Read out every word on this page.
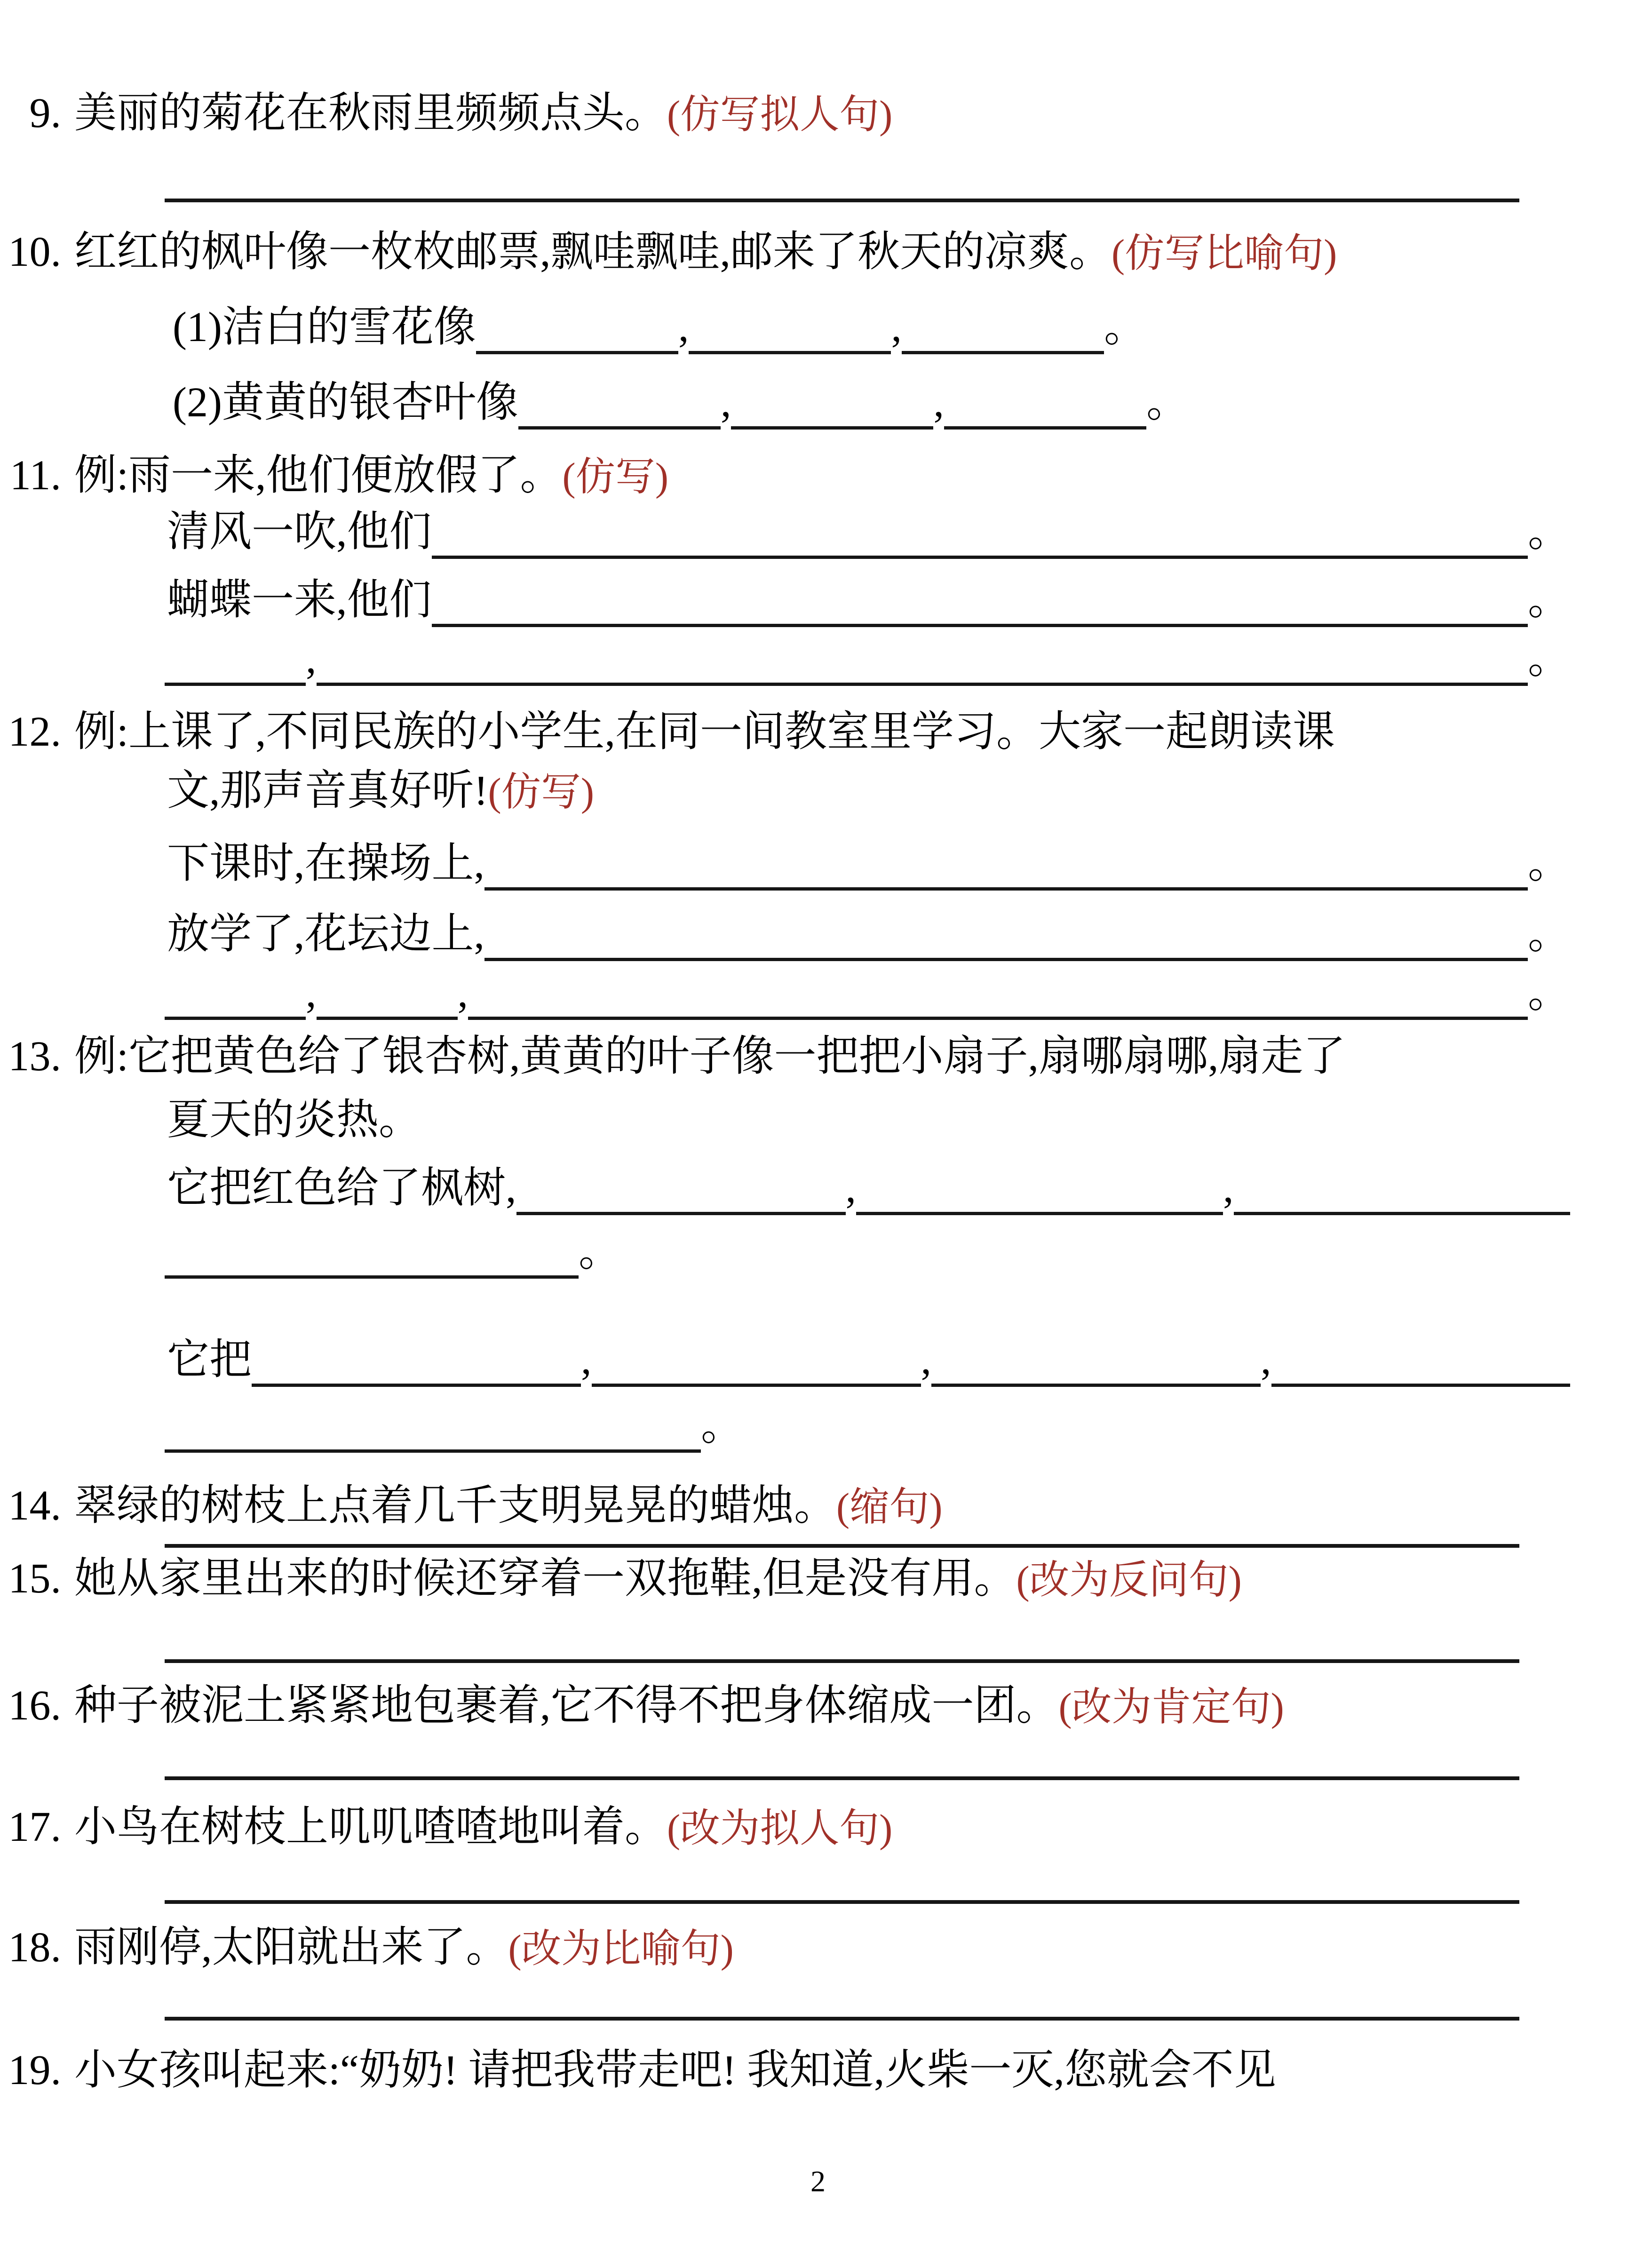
9. 美丽的菊花在秋雨里频频点头。 (仿写拟人句)
10. 红红的枫叶像一枚枚邮票,飘哇飘哇,邮来了秋天的凉爽。 (仿写比喻句)
(1)洁白的雪花像	,	,	。
(2)黄黄的银杏叶像	,	,	。
11. 例:雨一来,他们便放假了。 (仿写)
清风一吹,他们	。
蝴蝶一来,他们	。
,	。
12. 例:上课了,不同民族的小学生,在同一间教室里学习。大家一起朗读课
文,那声音真好听! (仿写)
下课时,在操场上,	。
放学了,花坛边上,	。
,	,	。
13. 例:它把黄色给了银杏树,黄黄的叶子像一把把小扇子,扇哪扇哪,扇走了
夏天的炎热。
它把红色给了枫树,	,	,
。
它把	,	,	,
。
14. 翠绿的树枝上点着几千支明晃晃的蜡烛。 (缩句)
15. 她从家里出来的时候还穿着一双拖鞋,但是没有用。 (改为反问句)
16. 种子被泥土紧紧地包裹着,它不得不把身体缩成一团。 (改为肯定句)
17. 小鸟在树枝上叽叽喳喳地叫着。 (改为拟人句)
18. 雨刚停,太阳就出来了。 (改为比喻句)
19. 小女孩叫起来:“奶奶! 请把我带走吧! 我知道,火柴一灭,您就会不见
2
